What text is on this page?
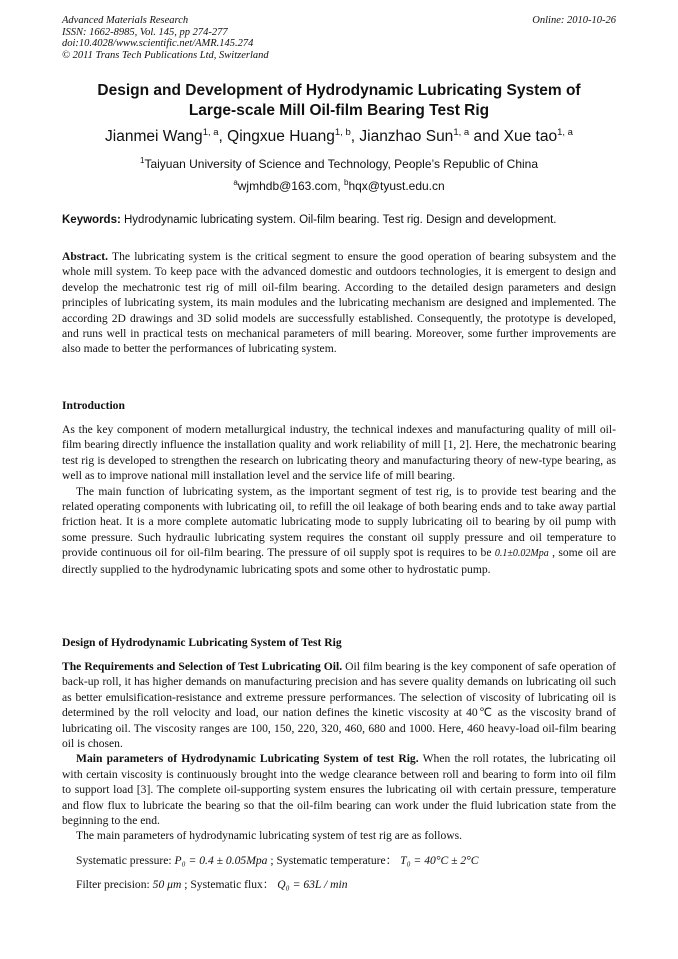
Advanced Materials Research
ISSN: 1662-8985, Vol. 145, pp 274-277
doi:10.4028/www.scientific.net/AMR.145.274
© 2011 Trans Tech Publications Ltd, Switzerland
Online: 2010-10-26
Design and Development of Hydrodynamic Lubricating System of
Large-scale Mill Oil-film Bearing Test Rig
Jianmei Wang$^{1, a}$, Qingxue Huang$^{1, b}$, Jianzhao Sun$^{1, a}$ and Xue tao$^{1, a}$
$^1$Taiyuan University of Science and Technology, People’s Republic of China
$^a$wjmhdb@163.com, $^b$hqx@tyust.edu.cn
Keywords: Hydrodynamic lubricating system. Oil-film bearing. Test rig. Design and development.
Abstract. The lubricating system is the critical segment to ensure the good operation of bearing subsystem and the whole mill system. To keep pace with the advanced domestic and outdoors technologies, it is emergent to design and develop the mechatronic test rig of mill oil-film bearing. According to the detailed design parameters and design principles of lubricating system, its main modules and the lubricating mechanism are designed and implemented. The according 2D drawings and 3D solid models are successfully established. Consequently, the prototype is developed, and runs well in practical tests on mechanical parameters of mill bearing. Moreover, some further improvements are also made to better the performances of lubricating system.
Introduction
As the key component of modern metallurgical industry, the technical indexes and manufacturing quality of mill oil-film bearing directly influence the installation quality and work reliability of mill [1, 2]. Here, the mechatronic bearing test rig is developed to strengthen the research on lubricating theory and manufacturing theory of new-type bearing, as well as to improve national mill installation level and the service life of mill bearing.
The main function of lubricating system, as the important segment of test rig, is to provide test bearing and the related operating components with lubricating oil, to refill the oil leakage of both bearing ends and to take away partial friction heat. It is a more complete automatic lubricating mode to supply lubricating oil to bearing by oil pump with some pressure. Such hydraulic lubricating system requires the constant oil supply pressure and oil temperature to provide continuous oil for oil-film bearing. The pressure of oil supply spot is requires to be 0.1±0.02Mpa , some oil are directly supplied to the hydrodynamic lubricating spots and some other to hydrostatic pump.
Design of Hydrodynamic Lubricating System of Test Rig
The Requirements and Selection of Test Lubricating Oil. Oil film bearing is the key component of safe operation of back-up roll, it has higher demands on manufacturing precision and has severe quality demands on lubricating oil such as better emulsification-resistance and extreme pressure performances. The selection of viscosity of lubricating oil is determined by the roll velocity and load, our nation defines the kinetic viscosity at 40℃ as the viscosity brand of lubricating oil. The viscosity ranges are 100, 150, 220, 320, 460, 680 and 1000. Here, 460 heavy-load oil-film bearing oil is chosen.
Main parameters of Hydrodynamic Lubricating System of test Rig. When the roll rotates, the lubricating oil with certain viscosity is continuously brought into the wedge clearance between roll and bearing to form into oil film to support load [3]. The complete oil-supporting system ensures the lubricating oil with certain pressure, temperature and flow flux to lubricate the bearing so that the oil-film bearing can work under the fluid lubrication state from the beginning to the end.
The main parameters of hydrodynamic lubricating system of test rig are as follows.
Systematic pressure: P₀ = 0.4 ± 0.05Mpa ; Systematic temperature： T₀ = 40°C ± 2°C
Filter precision: 50 μm ; Systematic flux： Q₀ = 63L / min
